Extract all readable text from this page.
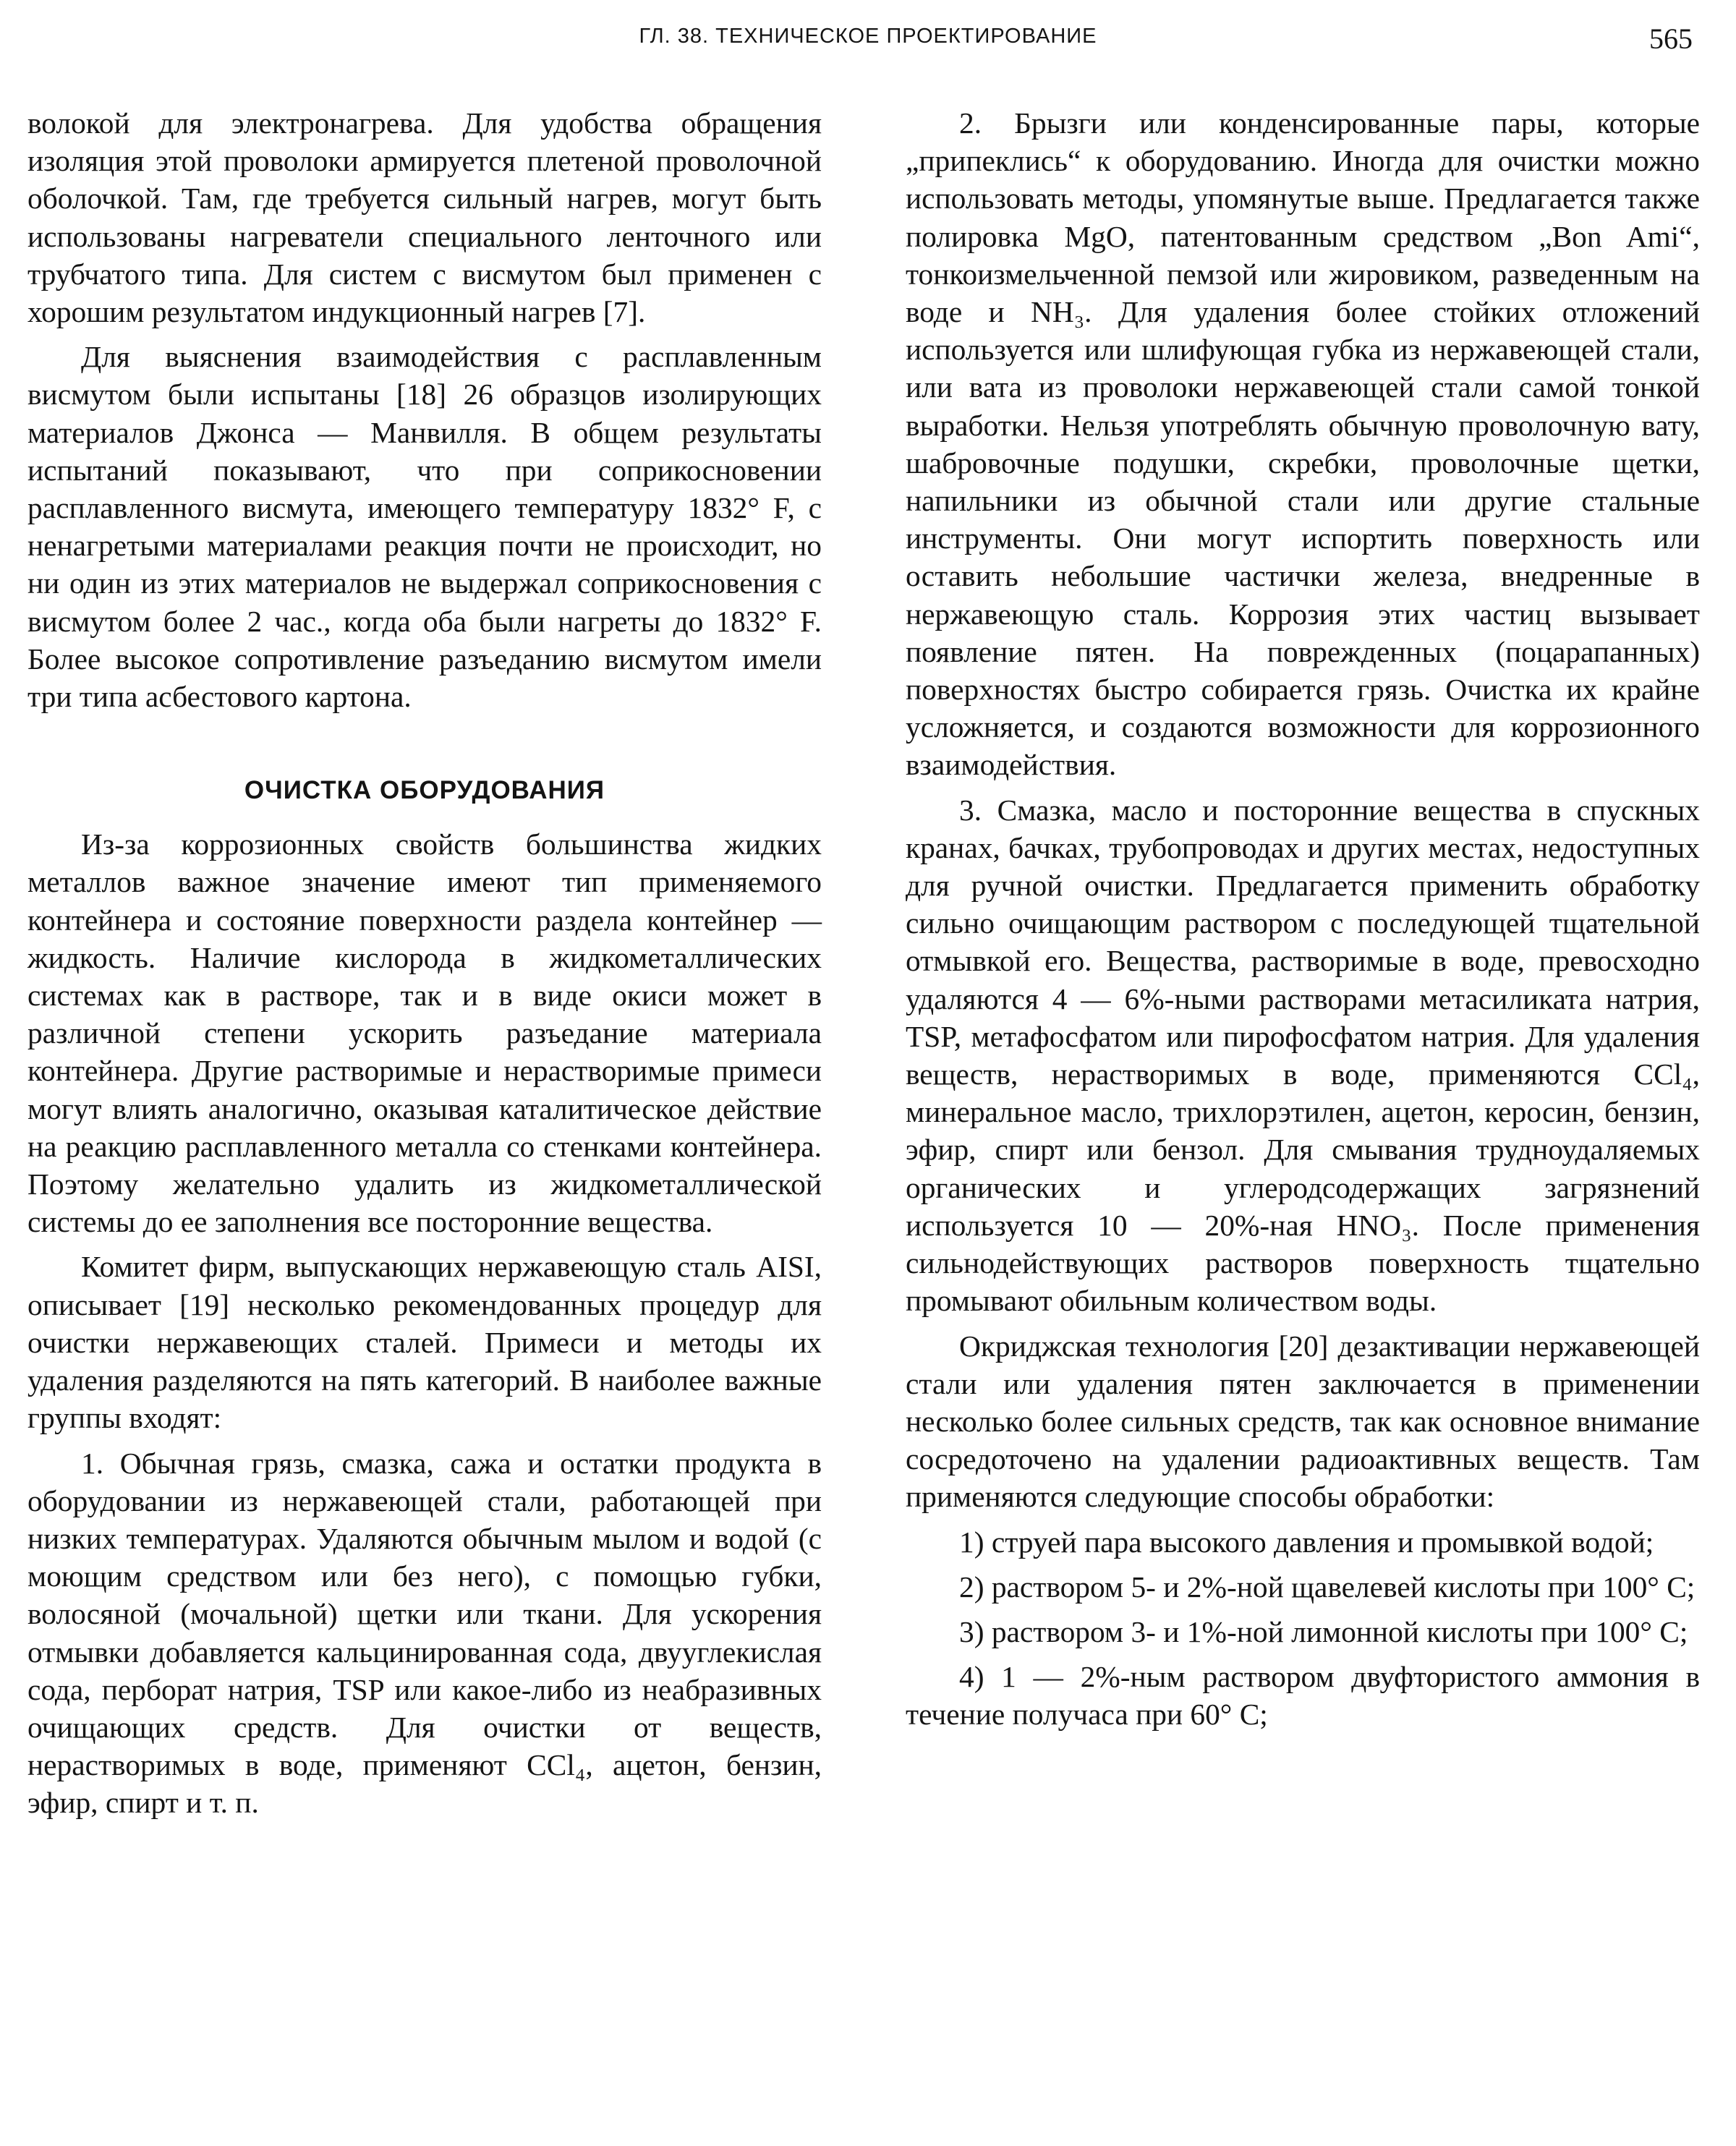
ГЛ. 38. ТЕХНИЧЕСКОЕ ПРОЕКТИРОВАНИЕ	565

волокой для электронагрева. Для удобства обращения изоляция этой проволоки армируется плетеной проволочной оболочкой. Там, где требуется сильный нагрев, могут быть использованы нагреватели специального ленточного или трубчатого типа. Для систем с висмутом был применен с хорошим результатом индукционный нагрев [7].

Для выяснения взаимодействия с расплавленным висмутом были испытаны [18] 26 образцов изолирующих материалов Джонса — Манвилля. В общем результаты испытаний показывают, что при соприкосновении расплавленного висмута, имеющего температуру 1832° F, с ненагретыми материалами реакция почти не происходит, но ни один из этих материалов не выдержал соприкосновения с висмутом более 2 час., когда оба были нагреты до 1832° F. Более высокое сопротивление разъеданию висмутом имели три типа асбестового картона.

ОЧИСТКА ОБОРУДОВАНИЯ

Из-за коррозионных свойств большинства жидких металлов важное значение имеют тип применяемого контейнера и состояние поверхности раздела контейнер — жидкость. Наличие кислорода в жидкометаллических системах как в растворе, так и в виде окиси может в различной степени ускорить разъедание материала контейнера. Другие растворимые и нерастворимые примеси могут влиять аналогично, оказывая каталитическое действие на реакцию расплавленного металла со стенками контейнера. Поэтому желательно удалить из жидкометаллической системы до ее заполнения все посторонние вещества.

Комитет фирм, выпускающих нержавеющую сталь AISI, описывает [19] несколько рекомендованных процедур для очистки нержавеющих сталей. Примеси и методы их удаления разделяются на пять категорий. В наиболее важные группы входят:

1. Обычная грязь, смазка, сажа и остатки продукта в оборудовании из нержавеющей стали, работающей при низких температурах. Удаляются обычным мылом и водой (с моющим средством или без него), с помощью губки, волосяной (мочальной) щетки или ткани. Для ускорения отмывки добавляется кальцинированная сода, двууглекислая сода, перборат натрия, TSP или какое-либо из неабразивных очищающих средств. Для очистки от веществ, нерастворимых в воде, применяют CCl₄, ацетон, бензин, эфир, спирт и т. п.

2. Брызги или конденсированные пары, которые „припеклись“ к оборудованию. Иногда для очистки можно использовать методы, упомянутые выше. Предлагается также полировка MgO, патентованным средством „Bon Ami“, тонкоизмельченной пемзой или жировиком, разведенным на воде и NH₃. Для удаления более стойких отложений используется или шлифующая губка из нержавеющей стали, или вата из проволоки нержавеющей стали самой тонкой выработки. Нельзя употреблять обычную проволочную вату, шабровочные подушки, скребки, проволочные щетки, напильники из обычной стали или другие стальные инструменты. Они могут испортить поверхность или оставить небольшие частички железа, внедренные в нержавеющую сталь. Коррозия этих частиц вызывает появление пятен. На поврежденных (поцарапанных) поверхностях быстро собирается грязь. Очистка их крайне усложняется, и создаются возможности для коррозионного взаимодействия.

3. Смазка, масло и посторонние вещества в спускных кранах, бачках, трубопроводах и других местах, недоступных для ручной очистки. Предлагается применить обработку сильно очищающим раствором с последующей тщательной отмывкой его. Вещества, растворимые в воде, превосходно удаляются 4 — 6%-ными растворами метасиликата натрия, TSP, метафосфатом или пирофосфатом натрия. Для удаления веществ, нерастворимых в воде, применяются CCl₄, минеральное масло, трихлорэтилен, ацетон, керосин, бензин, эфир, спирт или бензол. Для смывания трудноудаляемых органических и углеродсодержащих загрязнений используется 10 — 20%-ная HNO₃. После применения сильнодействующих растворов поверхность тщательно промывают обильным количеством воды.

Окриджская технология [20] дезактивации нержавеющей стали или удаления пятен заключается в применении несколько более сильных средств, так как основное внимание сосредоточено на удалении радиоактивных веществ. Там применяются следующие способы обработки:

1) струей пара высокого давления и промывкой водой;

2) раствором 5- и 2%-ной щавелевей кислоты при 100° C;

3) раствором 3- и 1%-ной лимонной кислоты при 100° C;

4) 1 — 2%-ным раствором двуфтористого аммония в течение получаса при 60° C;
